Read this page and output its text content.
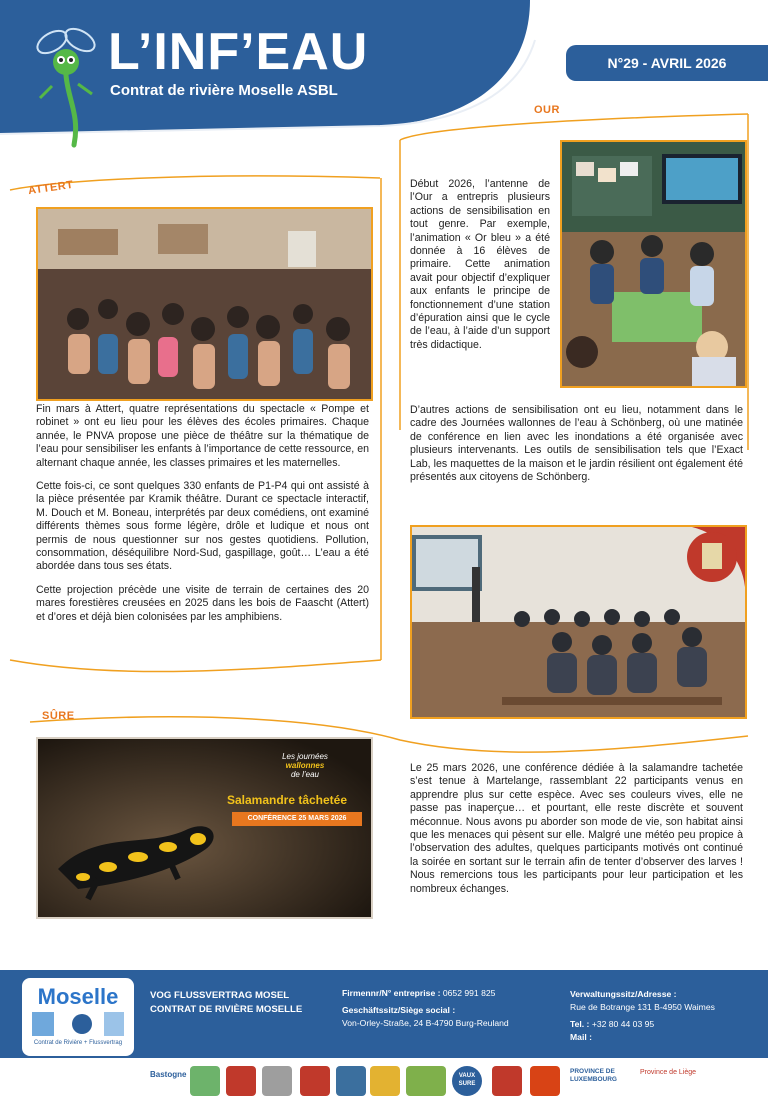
L’INF’EAU
Contrat de rivière Moselle ASBL
N°29 - AVRIL 2026
ATTERT

Fin mars à Attert, quatre représentations du spectacle « Pompe et robinet » ont eu lieu pour les élèves des écoles primaires. Chaque année, le PNVA propose une pièce de théâtre sur la thématique de l’eau pour sensibiliser les enfants à l’importance de cette ressource, en alternant chaque année, les classes primaires et les maternelles.

Cette fois-ci, ce sont quelques 330 enfants de P1-P4 qui ont assisté à la pièce présentée par Kramik théâtre. Durant ce spectacle interactif, M. Douch et M. Boneau, interprétés par deux comédiens, ont examiné différents thèmes sous forme légère, drôle et ludique et nous ont permis de nous questionner sur nos gestes quotidiens. Pollution, consommation, déséquilibre Nord-Sud, gaspillage, goût… L’eau a été abordée dans tous ses états.

Cette projection précède une visite de terrain de certaines des 20 mares forestières creusées en 2025 dans les bois de Faascht (Attert) et d’ores et déjà bien colonisées par les amphibiens.

OUR

Début 2026, l’antenne de l’Our a entrepris plusieurs actions de sensibilisation en tout genre. Par exemple, l’animation « Or bleu » a été donnée à 16 élèves de primaire. Cette animation avait pour objectif d’expliquer aux enfants le principe de fonctionnement d’une station d’épuration ainsi que le cycle de l’eau, à l’aide d’un support très didactique.

D’autres actions de sensibilisation ont eu lieu, notamment dans le cadre des Journées wallonnes de l’eau à Schönberg, où une matinée de conférence en lien avec les inondations a été organisée avec plusieurs intervenants. Les outils de sensibilisation tels que l’Exact Lab, les maquettes de la maison et le jardin résilient ont également été présentés aux citoyens de Schönberg.

SÛRE
Les journées
wallonnes
de l’eau
Salamandre tâchetée
CONFÉRENCE 25 MARS 2026

Le 25 mars 2026, une conférence dédiée à la salamandre tachetée s’est tenue à Martelange, rassemblant 22 participants venus en apprendre plus sur cette espèce. Avec ses couleurs vives, elle ne passe pas inaperçue… et pourtant, elle reste discrète et souvent méconnue. Nous avons pu aborder son mode de vie, son habitat ainsi que les menaces qui pèsent sur elle. Malgré une météo peu propice à l’observation des adultes, quelques participants motivés ont continué la soirée en sortant sur le terrain afin de tenter d’observer des larves ! Nous remercions tous les participants pour leur participation et les nombreux échanges.

Moselle
Contrat de Rivière + Flussvertrag
VOG FLUSSVERTRAG MOSEL
CONTRAT DE RIVIÈRE MOSELLE
Firmennr/N° entreprise : 0652 991 825
Geschäftssitz/Siège social :
Von-Orley-Straße, 24 B-4790 Burg-Reuland
Verwaltungssitz/Adresse :
Rue de Botrange 131 B-4950 Waimes
Tel. : +32 80 44 03 95
Mail :
Bastogne	VAUX SURE
PROVINCE DE LUXEMBOURG
Province de Liège
